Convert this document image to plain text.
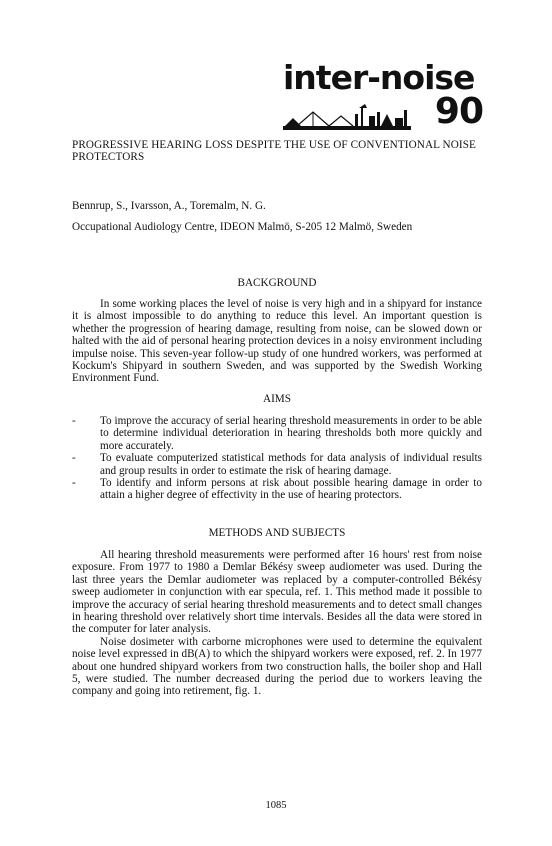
inter-noise
90
PROGRESSIVE HEARING LOSS DESPITE THE USE OF CONVENTIONAL NOISE PROTECTORS
Bennrup, S., Ivarsson, A., Toremalm, N. G.
Occupational Audiology Centre, IDEON Malmö, S-205 12 Malmö, Sweden
BACKGROUND

In some working places the level of noise is very high and in a shipyard for instance it is almost impossible to do anything to reduce this level. An important question is whether the progression of hearing damage, resulting from noise, can be slowed down or halted with the aid of personal hearing protection devices in a noisy environment including impulse noise. This seven-year follow-up study of one hundred workers, was performed at Kockum's Shipyard in southern Sweden, and was supported by the Swedish Working Environment Fund.

AIMS
- To improve the accuracy of serial hearing threshold measurements in order to be able to determine individual deterioration in hearing thresholds both more quickly and more accurately.
- To evaluate computerized statistical methods for data analysis of individual results and group results in order to estimate the risk of hearing damage.
- To identify and inform persons at risk about possible hearing damage in order to attain a higher degree of effectivity in the use of hearing protectors.
METHODS AND SUBJECTS

All hearing threshold measurements were performed after 16 hours' rest from noise exposure. From 1977 to 1980 a Demlar Békésy sweep audiometer was used. During the last three years the Demlar audiometer was replaced by a computer-controlled Békésy sweep audiometer in conjunction with ear specula, ref. 1. This method made it possible to improve the accuracy of serial hearing threshold measurements and to detect small changes in hearing threshold over relatively short time intervals. Besides all the data were stored in the computer for later analysis.

Noise dosimeter with carborne microphones were used to determine the equivalent noise level expressed in dB(A) to which the shipyard workers were exposed, ref. 2. In 1977 about one hundred shipyard workers from two construction halls, the boiler shop and Hall 5, were studied. The number decreased during the period due to workers leaving the company and going into retirement, fig. 1.

1085
